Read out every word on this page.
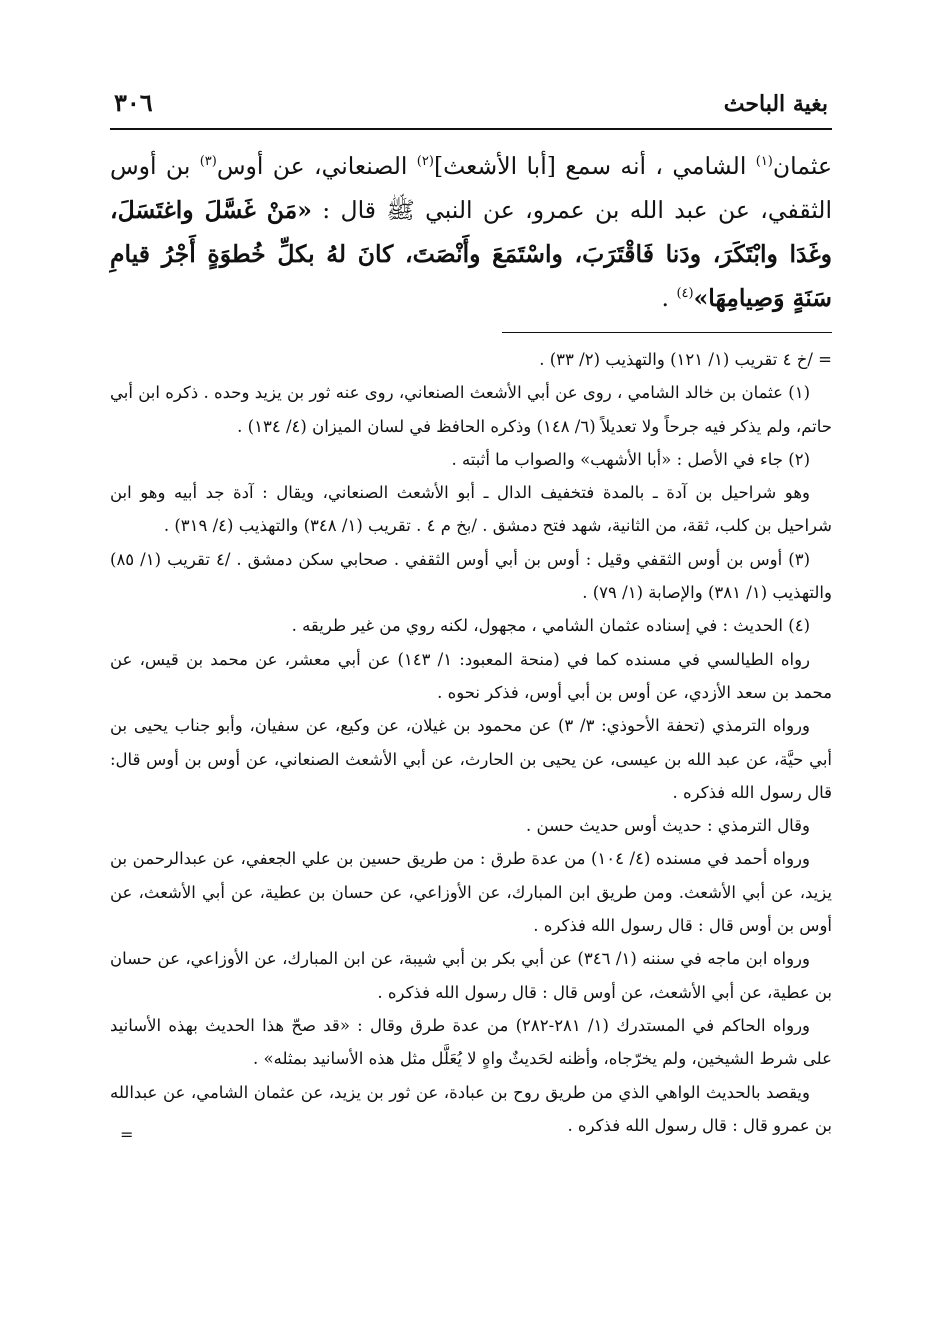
بغية الباحث
٣٠٦

عثمان$^{(١)}$ الشامي ، أنه سمع [أبا الأشعث]$^{(٢)}$ الصنعاني، عن أوس$^{(٣)}$ بن أوس الثقفي، عن عبد الله بن عمرو، عن النبي ﷺ قال : «مَنْ غَسَّلَ واغتَسَلَ، وغَدَا وابْتَكَرَ، ودَنا فَاقْتَرَبَ، واسْتَمَعَ وأَنْصَتَ، كانَ لهُ بكلِّ خُطوَةٍ أَجْرُ قيامِ سَنَةٍ وَصِيامِهَا»$^{(٤)}$ .

= /خ ٤ تقريب (١/ ١٢١) والتهذيب (٢/ ٣٣) .

(١) عثمان بن خالد الشامي ، روى عن أبي الأشعث الصنعاني، روى عنه ثور بن يزيد وحده . ذكره ابن أبي حاتم، ولم يذكر فيه جرحاً ولا تعديلاً (٦/ ١٤٨) وذكره الحافظ في لسان الميزان (٤/ ١٣٤) .

(٢) جاء في الأصل : «أبا الأشهب» والصواب ما أثبته .

وهو شراحيل بن آدة ـ بالمدة فتخفيف الدال ـ أبو الأشعث الصنعاني، ويقال : آدة جد أبيه وهو ابن شراحيل بن كلب، ثقة، من الثانية، شهد فتح دمشق . /بخ م ٤ . تقريب (١/ ٣٤٨) والتهذيب (٤/ ٣١٩) .

(٣) أوس بن أوس الثقفي وقيل : أوس بن أبي أوس الثقفي . صحابي سكن دمشق . /٤ تقريب (١/ ٨٥) والتهذيب (١/ ٣٨١) والإصابة (١/ ٧٩) .

(٤) الحديث : في إسناده عثمان الشامي ، مجهول، لكنه روي من غير طريقه .

رواه الطيالسي في مسنده كما في (منحة المعبود: ١/ ١٤٣) عن أبي معشر، عن محمد بن قيس، عن محمد بن سعد الأزدي، عن أوس بن أبي أوس، فذكر نحوه .

ورواه الترمذي (تحفة الأحوذي: ٣/ ٣) عن محمود بن غيلان، عن وكيع، عن سفيان، وأبو جناب يحيى بن أبي حيَّة، عن عبد الله بن عيسى، عن يحيى بن الحارث، عن أبي الأشعث الصنعاني، عن أوس بن أوس قال: قال رسول الله فذكره .

وقال الترمذي : حديث أوس حديث حسن .

ورواه أحمد في مسنده (٤/ ١٠٤) من عدة طرق : من طريق حسين بن علي الجعفي، عن عبدالرحمن بن يزيد، عن أبي الأشعث. ومن طريق ابن المبارك، عن الأوزاعي، عن حسان بن عطية، عن أبي الأشعث، عن أوس بن أوس قال : قال رسول الله فذكره .

ورواه ابن ماجه في سننه (١/ ٣٤٦) عن أبي بكر بن أبي شيبة، عن ابن المبارك، عن الأوزاعي، عن حسان بن عطية، عن أبي الأشعث، عن أوس قال : قال رسول الله فذكره .

ورواه الحاكم في المستدرك (١/ ٢٨١-٢٨٢) من عدة طرق وقال : «قد صحّ هذا الحديث بهذه الأسانيد على شرط الشيخين، ولم يخرّجاه، وأظنه لحَديثٌ واهٍ لا يُعَلَّل مثل هذه الأسانيد بمثله» .

ويقصد بالحديث الواهي الذي من طريق روح بن عبادة، عن ثور بن يزيد، عن عثمان الشامي، عن عبدالله بن عمرو قال : قال رسول الله فذكره .

=
